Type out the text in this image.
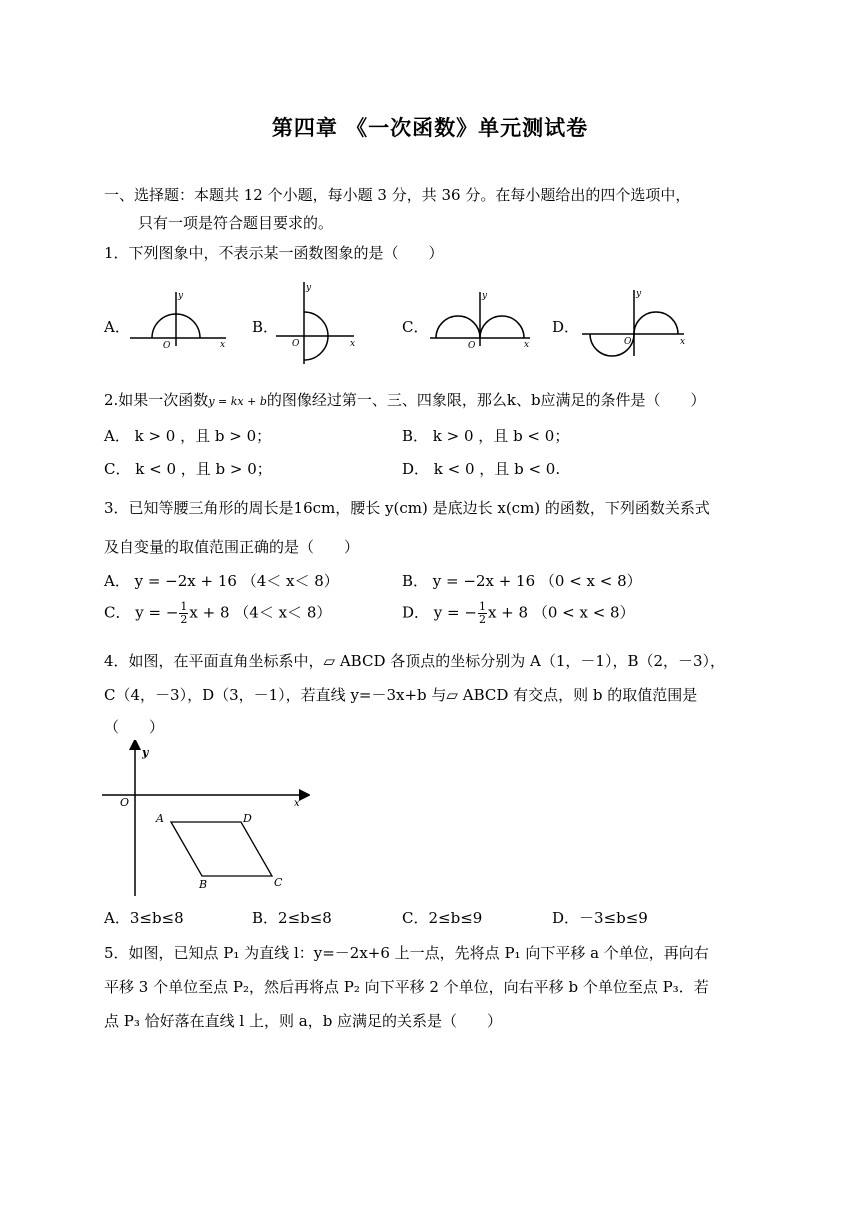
第四章 《一次函数》单元测试卷
一、选择题：本题共 12 个小题，每小题 3 分，共 36 分。在每小题给出的四个选项中，
只有一项是符合题目要求的。
1．下列图象中，不表示某一函数图象的是（　　）
A．
y
x
O
B．
y
x
O
C．
y
x
O
D．
y
x
O
2.如果一次函数y = kx + b的图像经过第一、三、四象限，那么k、b应满足的条件是（　　）
A． k > 0 ，且 b > 0；	B． k > 0 ，且 b < 0；
C． k < 0 ，且 b > 0；	D． k < 0 ，且 b < 0.
3．已知等腰三角形的周长是16cm，腰长 y(cm) 是底边长 x(cm) 的函数，下列函数关系式
及自变量的取值范围正确的是（　　）
A． y = −2x + 16 （4＜ x＜ 8）	B． y = −2x + 16 （0 < x < 8）
C． y = − $\frac{1}{2}$ x + 8 （4＜ x＜ 8）	D． y = − $\frac{1}{2}$ x + 8 （0 < x < 8）
4．如图，在平面直角坐标系中，▱ ABCD 各顶点的坐标分别为 A（1，－1），B（2，－3），
C（4，－3），D（3，－1），若直线 y=－3x+b 与▱ ABCD 有交点，则 b 的取值范围是
（　　）
y
x
O
A	D
B	C
A．3≤b≤8	B．2≤b≤8	C．2≤b≤9	D．－3≤b≤9
5．如图，已知点 P₁ 为直线 l：y=－2x+6 上一点，先将点 P₁ 向下平移 a 个单位，再向右
平移 3 个单位至点 P₂，然后再将点 P₂ 向下平移 2 个单位，向右平移 b 个单位至点 P₃．若
点 P₃ 恰好落在直线 l 上，则 a，b 应满足的关系是（　　）
